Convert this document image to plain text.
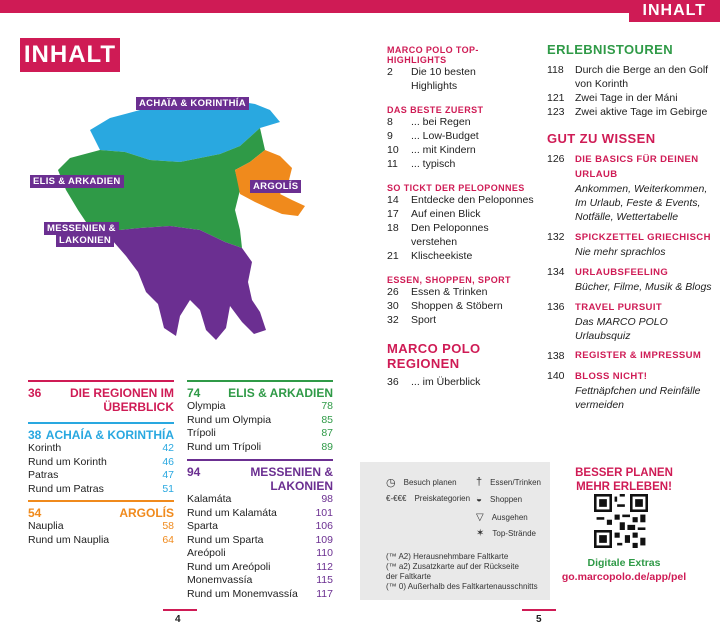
INHALT
INHALT
ACHAÏA & KORINTHÍA
ELIS & ARKADIEN	ARGOLÍS
MESSENIEN &
LAKONIEN
MARCO POLO TOP-HIGHLIGHTS
2	Die 10 besten
Highlights
DAS BESTE ZUERST
8	... bei Regen
9	... Low-Budget
10	... mit Kindern
11	... typisch
SO TICKT DER PELOPONNES
14	Entdecke den Peloponnes
17	Auf einen Blick
18	Den Peloponnes verstehen
21	Klischeekiste
ESSEN, SHOPPEN, SPORT
26	Essen & Trinken
30	Shoppen & Stöbern
32	Sport
MARCO POLO REGIONEN
36	... im Überblick
ERLEBNISTOUREN
118	Durch die Berge an den Golf
von Korinth
121 Zwei Tage in der Máni
123 Zwei aktive Tage im Gebirge
GUT ZU WISSEN
126	DIE BASICS FÜR DEINEN
URLAUB
Ankommen, Weiterkommen,
Im Urlaub, Feste & Events,
Notfälle, Wettertabelle
132	SPICKZETTEL GRIECHISCH
Nie mehr sprachlos
134	URLAUBSFEELING
Bücher, Filme, Musik & Blogs
136	TRAVEL PURSUIT
Das MARCO POLO Urlaubsquiz
138	REGISTER & IMPRESSUM
140	BLOSS NICHT!
Fettnäpfchen und Reinfälle
vermeiden
36 DIE REGIONEN IM
ÜBERBLICK
38 ACHAÍA & KORINTHÍA
Korinth	42
Rund um Korinth	46
Patras	47
Rund um Patras	51
54	ARGOLÍS
Nauplia	58
Rund um Nauplia	64
74 ELIS & ARKADIEN
Olympia	78
Rund um Olympia	85
Trípoli	87
Rund um Trípoli	89
94	MESSENIEN &
LAKONIEN
Kalamáta	98
Rund um Kalamáta	101
Sparta	106
Rund um Sparta	109
Areópoli	110
Rund um Areópoli	112
Monemvassía	115
Rund um Monemvassía 117
◷ Besuch planen
€-€€€ Preiskategorien
† Essen/Trinken
◒ Shoppen
▽ Ausgehen
✶ Top-Strände
(™ A2) Herausnehmbare Faltkarte
(™ a2) Zusatzkarte auf der Rückseite
der Faltkarte
(™ 0) Außerhalb des Faltkartenausschnitts
BESSER PLANEN
MEHR ERLEBEN!
Digitale Extras
go.marcopolo.de/app/pel
4	5
